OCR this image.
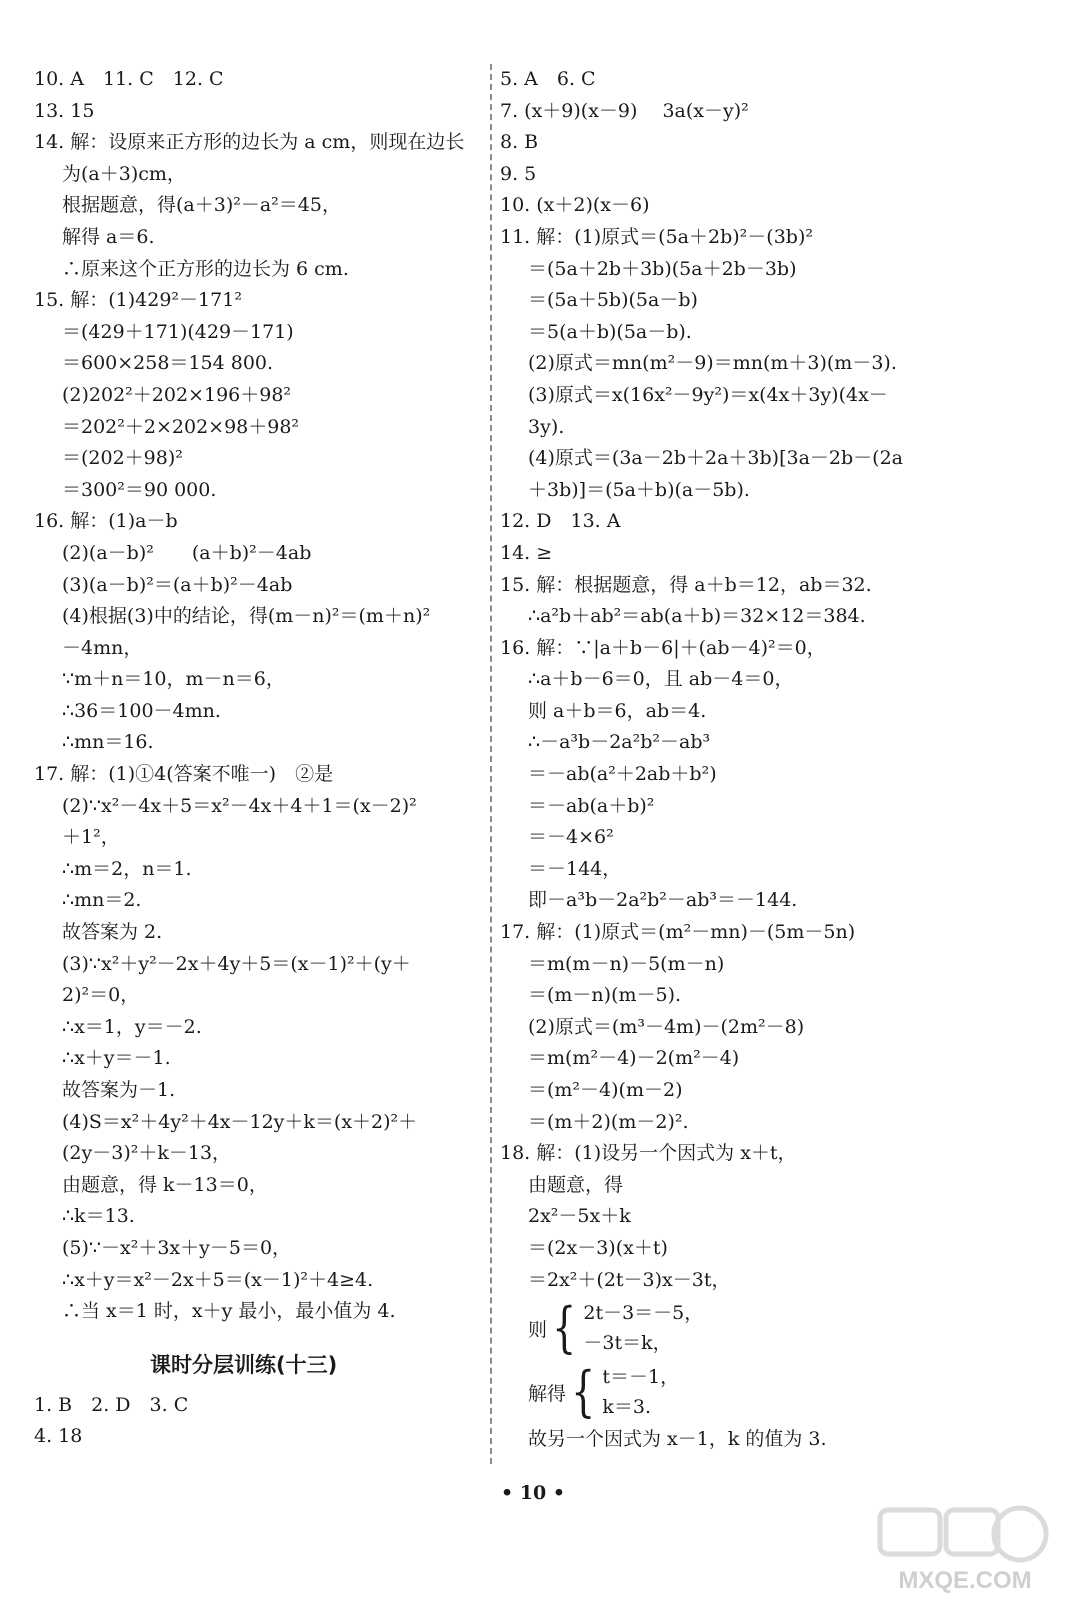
10. A　11. C　12. C
13. 15
14. 解：设原来正方形的边长为 a cm，则现在边长
为(a＋3)cm，
根据题意，得(a＋3)²－a²＝45，
解得 a＝6.
∴原来这个正方形的边长为 6 cm.
15. 解：(1)429²－171²
＝(429＋171)(429－171)
＝600×258＝154 800.
(2)202²＋202×196＋98²
＝202²＋2×202×98＋98²
＝(202＋98)²
＝300²＝90 000.
16. 解：(1)a－b
(2)(a－b)²　　(a＋b)²－4ab
(3)(a－b)²＝(a＋b)²－4ab
(4)根据(3)中的结论，得(m－n)²＝(m＋n)²
－4mn，
∵m＋n＝10，m－n＝6，
∴36＝100－4mn.
∴mn＝16.
17. 解：(1)①4(答案不唯一)　②是
(2)∵x²－4x＋5＝x²－4x＋4＋1＝(x－2)²
＋1²，
∴m＝2，n＝1.
∴mn＝2.
故答案为 2.
(3)∵x²＋y²－2x＋4y＋5＝(x－1)²＋(y＋
2)²＝0，
∴x＝1，y＝－2.
∴x＋y＝－1.
故答案为－1.
(4)S＝x²＋4y²＋4x－12y＋k＝(x＋2)²＋
(2y－3)²＋k－13，
由题意，得 k－13＝0，
∴k＝13.
(5)∵－x²＋3x＋y－5＝0，
∴x＋y＝x²－2x＋5＝(x－1)²＋4≥4.
∴当 x＝1 时，x＋y 最小，最小值为 4.
课时分层训练(十三)
1. B　2. D　3. C
4. 18
5. A　6. C
7. (x＋9)(x－9)　 3a(x－y)²
8. B
9. 5
10. (x＋2)(x－6)
11. 解：(1)原式＝(5a＋2b)²－(3b)²
＝(5a＋2b＋3b)(5a＋2b－3b)
＝(5a＋5b)(5a－b)
＝5(a＋b)(5a－b).
(2)原式＝mn(m²－9)＝mn(m＋3)(m－3).
(3)原式＝x(16x²－9y²)＝x(4x＋3y)(4x－
3y).
(4)原式＝(3a－2b＋2a＋3b)[3a－2b－(2a
＋3b)]＝(5a＋b)(a－5b).
12. D　13. A
14. ≥
15. 解：根据题意，得 a＋b＝12，ab＝32.
∴a²b＋ab²＝ab(a＋b)＝32×12＝384.
16. 解：∵|a＋b－6|＋(ab－4)²＝0，
∴a＋b－6＝0，且 ab－4＝0，
则 a＋b＝6，ab＝4.
∴－a³b－2a²b²－ab³
＝－ab(a²＋2ab＋b²)
＝－ab(a＋b)²
＝－4×6²
＝－144，
即－a³b－2a²b²－ab³＝－144.
17. 解：(1)原式＝(m²－mn)－(5m－5n)
＝m(m－n)－5(m－n)
＝(m－n)(m－5).
(2)原式＝(m³－4m)－(2m²－8)
＝m(m²－4)－2(m²－4)
＝(m²－4)(m－2)
＝(m＋2)(m－2)².
18. 解：(1)设另一个因式为 x＋t，
由题意，得
2x²－5x＋k
＝(2x－3)(x＋t)
＝2x²＋(2t－3)x－3t，
则 { 2t－3＝－5，
－3t＝k，
解得 { t＝－1，
k＝3.
故另一个因式为 x－1，k 的值为 3.
• 10 •
MXQE.COM
